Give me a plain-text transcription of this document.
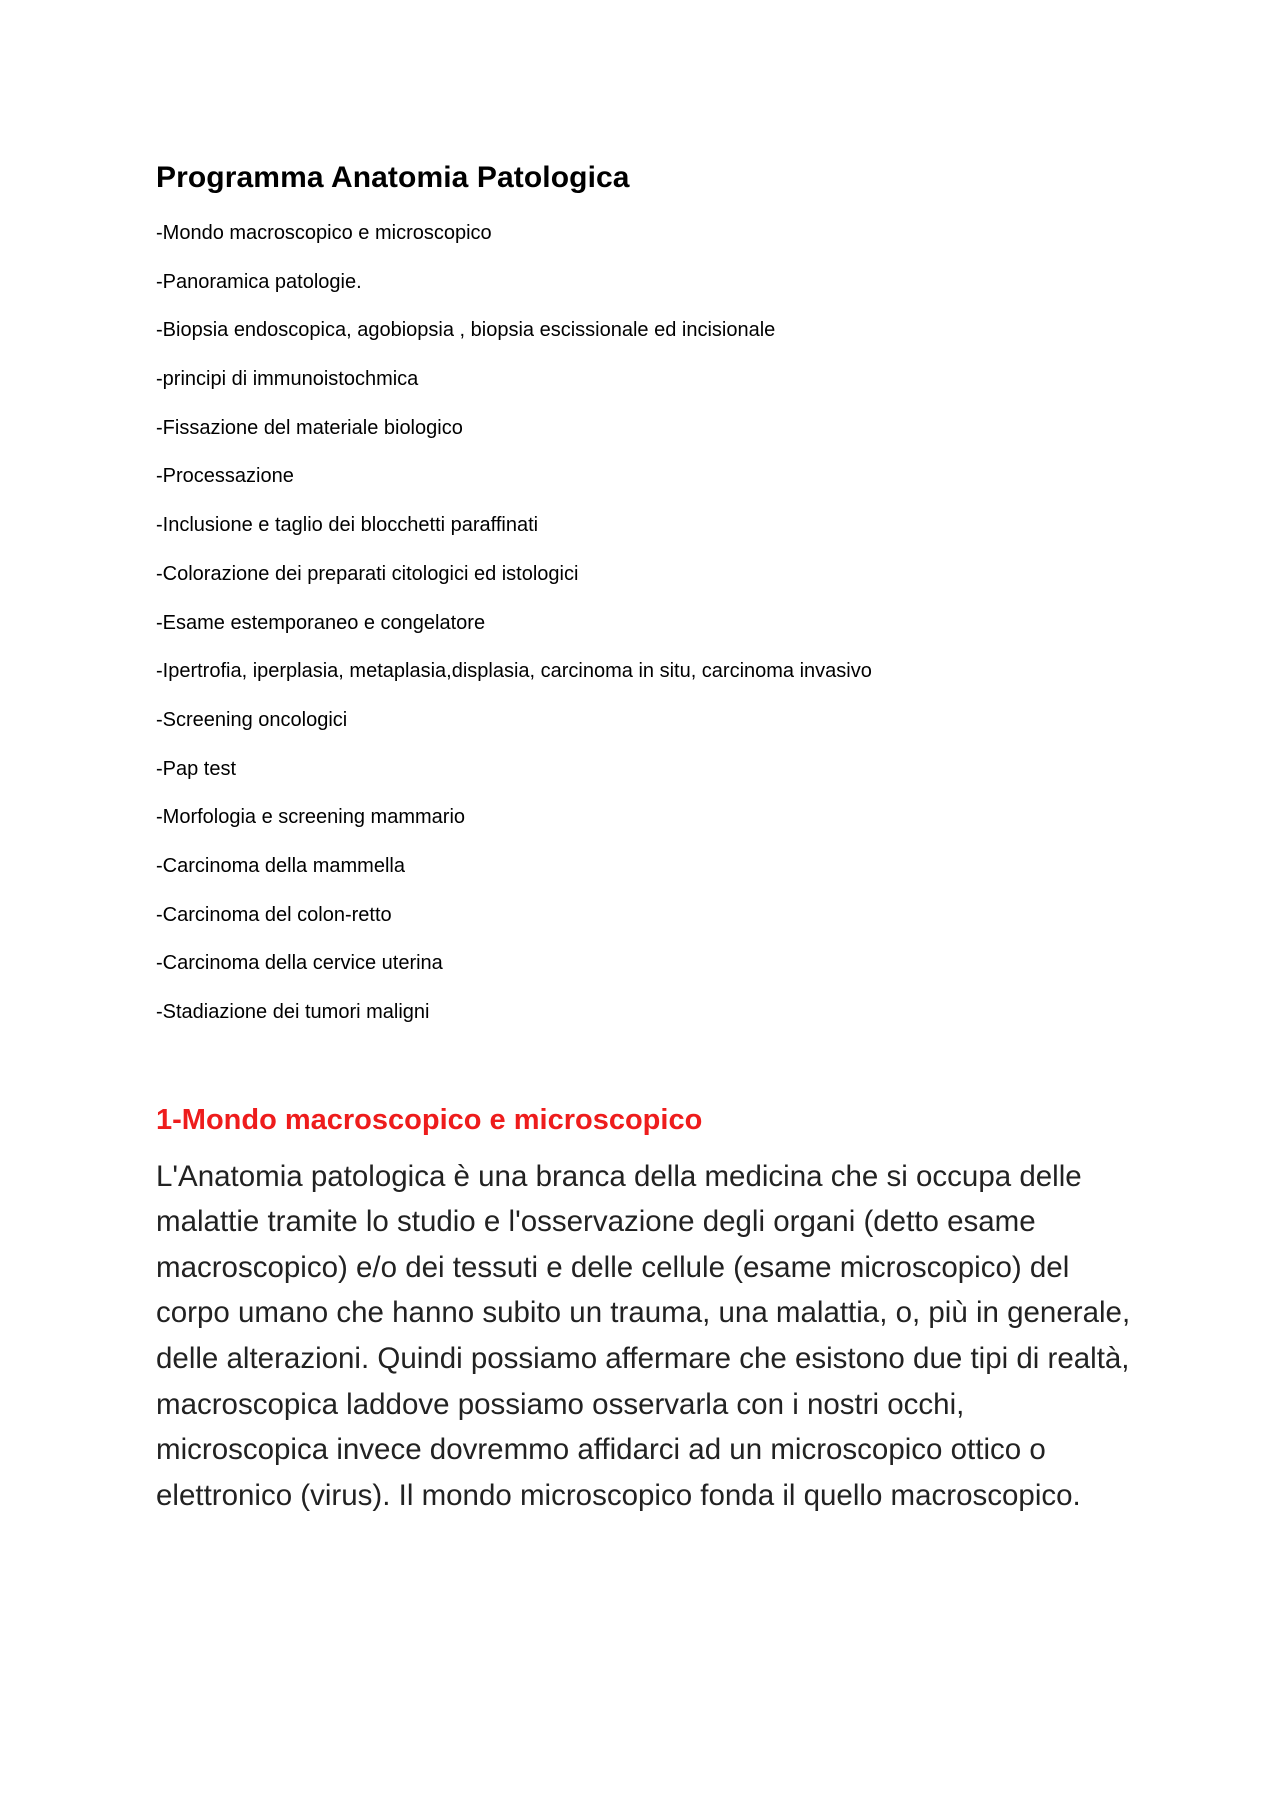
Programma Anatomia Patologica
-Mondo macroscopico e microscopico
-Panoramica patologie.
-Biopsia endoscopica, agobiopsia , biopsia escissionale ed incisionale
-principi di immunoistochmica
-Fissazione del materiale biologico
-Processazione
-Inclusione e taglio dei blocchetti paraffinati
-Colorazione dei preparati citologici ed istologici
-Esame estemporaneo e congelatore
-Ipertrofia, iperplasia, metaplasia,displasia, carcinoma in situ, carcinoma invasivo
-Screening oncologici
-Pap test
-Morfologia e screening mammario
-Carcinoma della mammella
-Carcinoma del colon-retto
-Carcinoma della cervice uterina
-Stadiazione dei tumori maligni
1-Mondo macroscopico e microscopico

L'Anatomia patologica è una branca della medicina che si occupa delle malattie tramite lo studio e l'osservazione degli organi (detto esame macroscopico) e/o dei tessuti e delle cellule (esame microscopico) del corpo umano che hanno subito un trauma, una malattia, o, più in generale, delle alterazioni. Quindi possiamo affermare che esistono due tipi di realtà, macroscopica laddove possiamo osservarla con i nostri occhi, microscopica invece dovremmo affidarci ad un microscopico ottico o elettronico (virus). Il mondo microscopico fonda il quello macroscopico.
